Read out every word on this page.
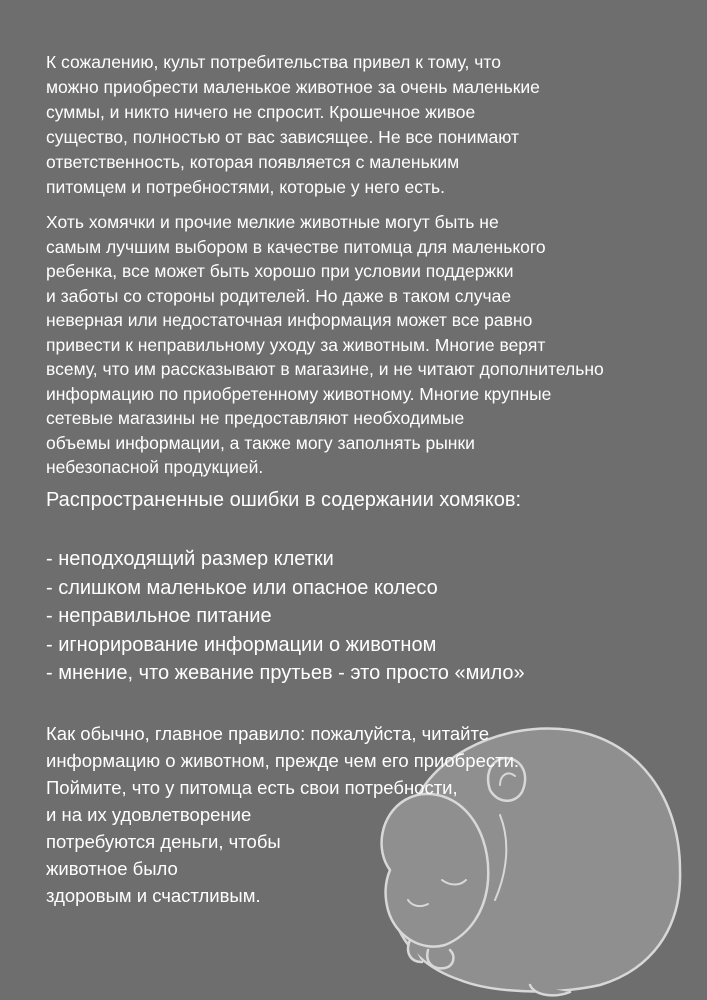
К сожалению, культ потребительства привел к тому, что
можно приобрести маленькое животное за очень маленькие
суммы, и никто ничего не спросит. Крошечное живое
существо, полностью от вас зависящее. Не все понимают
ответственность, которая появляется с маленьким
питомцем и потребностями, которые у него есть.

Хоть хомячки и прочие мелкие животные могут быть не
самым лучшим выбором в качестве питомца для маленького
ребенка, все может быть хорошо при условии поддержки
и заботы со стороны родителей. Но даже в таком случае
неверная или недостаточная информация может все равно
привести к неправильному уходу за животным. Многие верят
всему, что им рассказывают в магазине, и не читают дополнительно
информацию по приобретенному животному. Многие крупные
сетевые магазины не предоставляют необходимые
объемы информации, а также могу заполнять рынки
небезопасной продукцией.

Распространенные ошибки в содержании хомяков:
- неподходящий размер клетки
- слишком маленькое или опасное колесо
- неправильное питание
- игнорирование информации о животном
- мнение, что жевание прутьев - это просто «мило»

Как обычно, главное правило: пожалуйста, читайте
информацию о животном, прежде чем его приобрести.
Поймите, что у питомца есть свои потребности,
и на их удовлетворение
потребуются деньги, чтобы
животное было
здоровым и счастливым.
